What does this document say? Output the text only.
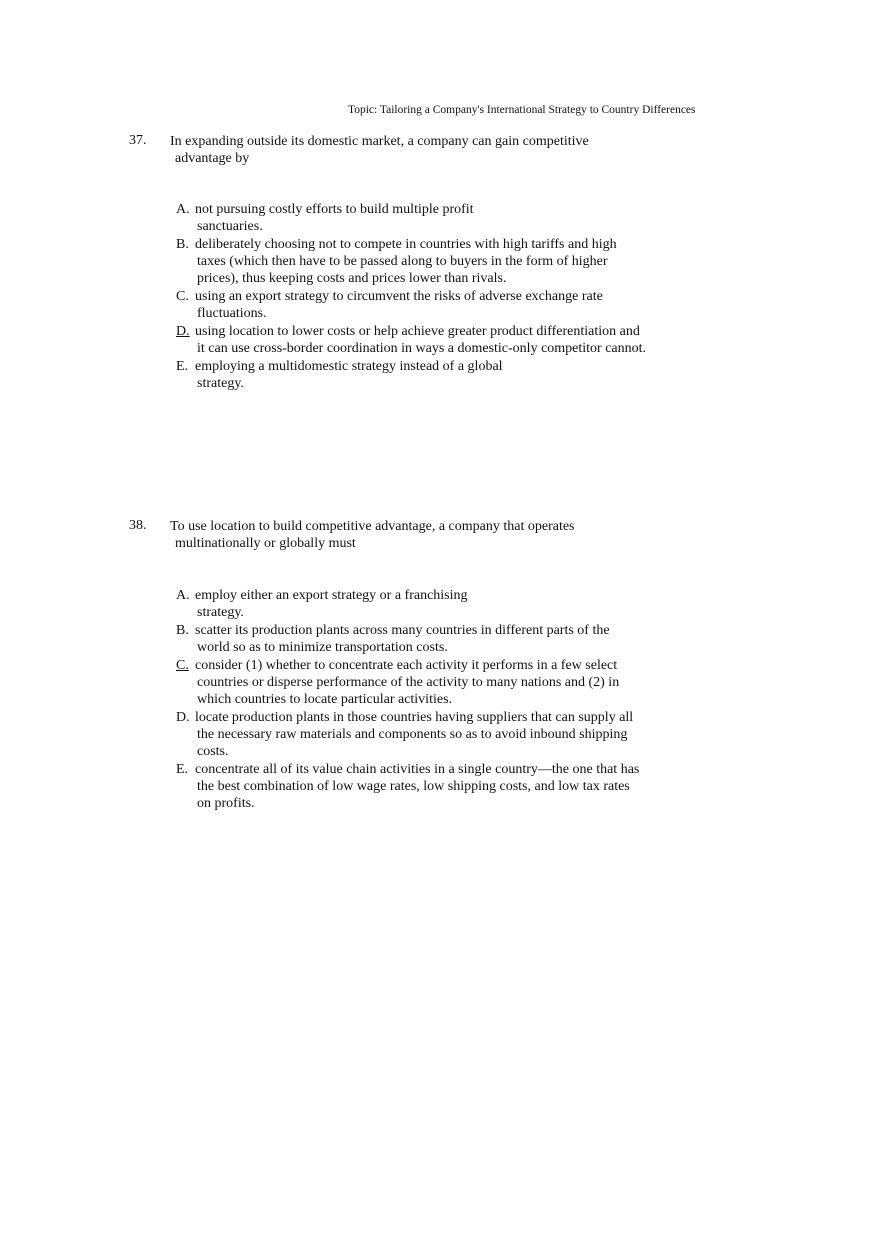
Topic: Tailoring a Company's International Strategy to Country Differences
37. In expanding outside its domestic market, a company can gain competitive
advantage by
A. not pursuing costly efforts to build multiple profit
sanctuaries.
B. deliberately choosing not to compete in countries with high tariffs and high
taxes (which then have to be passed along to buyers in the form of higher
prices), thus keeping costs and prices lower than rivals.
C. using an export strategy to circumvent the risks of adverse exchange rate
fluctuations.
D. using location to lower costs or help achieve greater product differentiation and
it can use cross-border coordination in ways a domestic-only competitor cannot.
E. employing a multidomestic strategy instead of a global
strategy.
38. To use location to build competitive advantage, a company that operates
multinationally or globally must
A. employ either an export strategy or a franchising
strategy.
B. scatter its production plants across many countries in different parts of the
world so as to minimize transportation costs.
C. consider (1) whether to concentrate each activity it performs in a few select
countries or disperse performance of the activity to many nations and (2) in
which countries to locate particular activities.
D. locate production plants in those countries having suppliers that can supply all
the necessary raw materials and components so as to avoid inbound shipping
costs.
E. concentrate all of its value chain activities in a single country—the one that has
the best combination of low wage rates, low shipping costs, and low tax rates
on profits.
